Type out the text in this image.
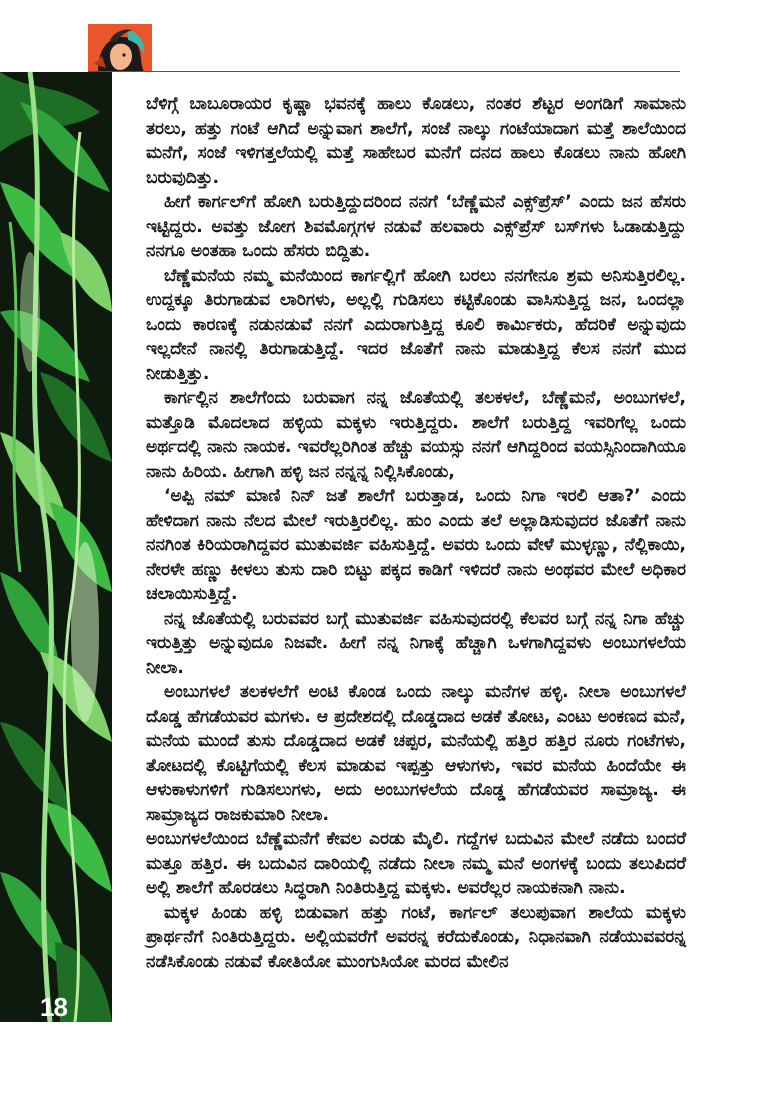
18

ಬೆಳಿಗ್ಗೆ ಬಾಬೂರಾಯರ ಕೃಷ್ಣಾ ಭವನಕ್ಕೆ ಹಾಲು ಕೊಡಲು, ನಂತರ ಶೆಟ್ಟರ ಅಂಗಡಿಗೆ ಸಾಮಾನು ತರಲು, ಹತ್ತು ಗಂಟೆ ಆಗಿದೆ ಅನ್ನುವಾಗ ಶಾಲೆಗೆ, ಸಂಜೆ ನಾಲ್ಕು ಗಂಟೆಯಾದಾಗ ಮತ್ತೆ ಶಾಲೆಯಿಂದ ಮನೆಗೆ, ಸಂಜೆ ಇಳಿಗತ್ತಲೆಯಲ್ಲಿ ಮತ್ತೆ ಸಾಹೇಬರ ಮನೆಗೆ ದನದ ಹಾಲು ಕೊಡಲು ನಾನು ಹೋಗಿ ಬರುವುದಿತ್ತು.

ಹೀಗೆ ಕಾರ್ಗಲ್‌ಗೆ ಹೋಗಿ ಬರುತ್ತಿದ್ದುದರಿಂದ ನನಗೆ ‘ಬೆಣ್ಣೆಮನೆ ಎಕ್ಸ್‌ಪ್ರೆಸ್’ ಎಂದು ಜನ ಹೆಸರು ಇಟ್ಟಿದ್ದರು. ಅವತ್ತು ಜೋಗ ಶಿವಮೊಗ್ಗಗಳ ನಡುವೆ ಹಲವಾರು ಎಕ್ಸ್‌ಪ್ರೆಸ್ ಬಸ್‌ಗಳು ಓಡಾಡುತ್ತಿದ್ದು ನನಗೂ ಅಂತಹಾ ಒಂದು ಹೆಸರು ಬಿದ್ದಿತು.

ಬೆಣ್ಣೆಮನೆಯ ನಮ್ಮ ಮನೆಯಿಂದ ಕಾರ್ಗಲ್ಲಿಗೆ ಹೋಗಿ ಬರಲು ನನಗೇನೂ ಶ್ರಮ ಅನಿಸುತ್ತಿರಲಿಲ್ಲ. ಉದ್ದಕ್ಕೂ ತಿರುಗಾಡುವ ಲಾರಿಗಳು, ಅಲ್ಲಲ್ಲಿ ಗುಡಿಸಲು ಕಟ್ಟಿಕೊಂಡು ವಾಸಿಸುತ್ತಿದ್ದ ಜನ, ಒಂದಲ್ಲಾ ಒಂದು ಕಾರಣಕ್ಕೆ ನಡುನಡುವೆ ನನಗೆ ಎದುರಾಗುತ್ತಿದ್ದ ಕೂಲಿ ಕಾರ್ಮಿಕರು, ಹೆದರಿಕೆ ಅನ್ನುವುದು ಇಲ್ಲದೇನೆ ನಾನಲ್ಲಿ ತಿರುಗಾಡುತ್ತಿದ್ದೆ. ಇದರ ಜೊತೆಗೆ ನಾನು ಮಾಡುತ್ತಿದ್ದ ಕೆಲಸ ನನಗೆ ಮುದ ನೀಡುತ್ತಿತ್ತು.

ಕಾರ್ಗಲ್ಲಿನ ಶಾಲೆಗೆಂದು ಬರುವಾಗ ನನ್ನ ಜೊತೆಯಲ್ಲಿ ತಲಕಳಲೆ, ಬೆಣ್ಣೆಮನೆ, ಅಂಬುಗಳಲೆ, ಮತ್ತೊಡಿ ಮೊದಲಾದ ಹಳ್ಳಿಯ ಮಕ್ಕಳು ಇರುತ್ತಿದ್ದರು. ಶಾಲೆಗೆ ಬರುತ್ತಿದ್ದ ಇವರಿಗೆಲ್ಲ ಒಂದು ಅರ್ಥದಲ್ಲಿ ನಾನು ನಾಯಕ. ಇವರೆಲ್ಲರಿಗಿಂತ ಹೆಚ್ಚು ವಯಸ್ಸು ನನಗೆ ಆಗಿದ್ದರಿಂದ ವಯಸ್ಸಿನಿಂದಾಗಿಯೂ ನಾನು ಹಿರಿಯ. ಹೀಗಾಗಿ ಹಳ್ಳಿ ಜನ ನನ್ನನ್ನ ನಿಲ್ಲಿಸಿಕೊಂಡು,

‘ಅಪ್ಪಿ ನಮ್ ಮಾಣಿ ನಿನ್ ಜತೆ ಶಾಲೆಗೆ ಬರುತ್ತಾಡ, ಒಂದು ನಿಗಾ ಇರಲಿ ಆತಾ?’ ಎಂದು ಹೇಳಿದಾಗ ನಾನು ನೆಲದ ಮೇಲೆ ಇರುತ್ತಿರಲಿಲ್ಲ. ಹುಂ ಎಂದು ತಲೆ ಅಲ್ಲಾಡಿಸುವುದರ ಜೊತೆಗೆ ನಾನು ನನಗಿಂತ ಕಿರಿಯರಾಗಿದ್ದವರ ಮುತುವರ್ಜಿ ವಹಿಸುತ್ತಿದ್ದೆ. ಅವರು ಒಂದು ವೇಳೆ ಮುಳ್ಳಣ್ಣು, ನೆಲ್ಲಿಕಾಯಿ, ನೇರಳೇ ಹಣ್ಣು ಕೀಳಲು ತುಸು ದಾರಿ ಬಿಟ್ಟು ಪಕ್ಕದ ಕಾಡಿಗೆ ಇಳಿದರೆ ನಾನು ಅಂಥವರ ಮೇಲೆ ಅಧಿಕಾರ ಚಲಾಯಿಸುತ್ತಿದ್ದೆ.

ನನ್ನ ಜೊತೆಯಲ್ಲಿ ಬರುವವರ ಬಗ್ಗೆ ಮುತುವರ್ಜಿ ವಹಿಸುವುದರಲ್ಲಿ ಕೆಲವರ ಬಗ್ಗೆ ನನ್ನ ನಿಗಾ ಹೆಚ್ಚು ಇರುತ್ತಿತ್ತು ಅನ್ನುವುದೂ ನಿಜವೇ. ಹೀಗೆ ನನ್ನ ನಿಗಾಕ್ಕೆ ಹೆಚ್ಚಾಗಿ ಒಳಗಾಗಿದ್ದವಳು ಅಂಬುಗಳಲೆಯ ನೀಲಾ.

ಅಂಬುಗಳಲೆ ತಲಕಳಲೆಗೆ ಅಂಟಿ ಕೊಂಡ ಒಂದು ನಾಲ್ಕು ಮನೆಗಳ ಹಳ್ಳಿ. ನೀಲಾ ಅಂಬುಗಳಲೆ ದೊಡ್ಡ ಹೆಗಡೆಯವರ ಮಗಳು. ಆ ಪ್ರದೇಶದಲ್ಲಿ ದೊಡ್ಡದಾದ ಅಡಕೆ ತೋಟ, ಎಂಟು ಅಂಕಣದ ಮನೆ, ಮನೆಯ ಮುಂದೆ ತುಸು ದೊಡ್ಡದಾದ ಅಡಕೆ ಚಪ್ಪರ, ಮನೆಯಲ್ಲಿ ಹತ್ತಿರ ಹತ್ತಿರ ನೂರು ಗಂಟೆಗಳು, ತೋಟದಲ್ಲಿ ಕೊಟ್ಟಿಗೆಯಲ್ಲಿ ಕೆಲಸ ಮಾಡುವ ಇಪ್ಪತ್ತು ಆಳುಗಳು, ಇವರ ಮನೆಯ ಹಿಂದೆಯೇ ಈ ಆಳುಕಾಳುಗಳಿಗೆ ಗುಡಿಸಲುಗಳು, ಅದು ಅಂಬುಗಳಲೆಯ ದೊಡ್ಡ ಹೆಗಡೆಯವರ ಸಾಮ್ರಾಜ್ಯ. ಈ ಸಾಮ್ರಾಜ್ಯದ ರಾಜಕುಮಾರಿ ನೀಲಾ.

ಅಂಬುಗಳಲೆಯಿಂದ ಬೆಣ್ಣೆಮನೆಗೆ ಕೇವಲ ಎರಡು ಮೈಲಿ. ಗದ್ದೆಗಳ ಬದುವಿನ ಮೇಲೆ ನಡೆದು ಬಂದರೆ ಮತ್ತೂ ಹತ್ತಿರ. ಈ ಬದುವಿನ ದಾರಿಯಲ್ಲಿ ನಡೆದು ನೀಲಾ ನಮ್ಮ ಮನೆ ಅಂಗಳಕ್ಕೆ ಬಂದು ತಲುಪಿದರೆ ಅಲ್ಲಿ ಶಾಲೆಗೆ ಹೊರಡಲು ಸಿದ್ಧರಾಗಿ ನಿಂತಿರುತ್ತಿದ್ದ ಮಕ್ಕಳು. ಅವರೆಲ್ಲರ ನಾಯಕನಾಗಿ ನಾನು.

ಮಕ್ಕಳ ಹಿಂಡು ಹಳ್ಳಿ ಬಿಡುವಾಗ ಹತ್ತು ಗಂಟೆ, ಕಾರ್ಗಲ್ ತಲುಪುವಾಗ ಶಾಲೆಯ ಮಕ್ಕಳು ಪ್ರಾರ್ಥನೆಗೆ ನಿಂತಿರುತ್ತಿದ್ದರು. ಅಲ್ಲಿಯವರೆಗೆ ಅವರನ್ನ ಕರೆದುಕೊಂಡು, ನಿಧಾನವಾಗಿ ನಡೆಯುವವರನ್ನ ನಡೆಸಿಕೊಂಡು ನಡುವೆ ಕೋತಿಯೋ ಮುಂಗುಸಿಯೋ ಮರದ ಮೇಲಿನ
